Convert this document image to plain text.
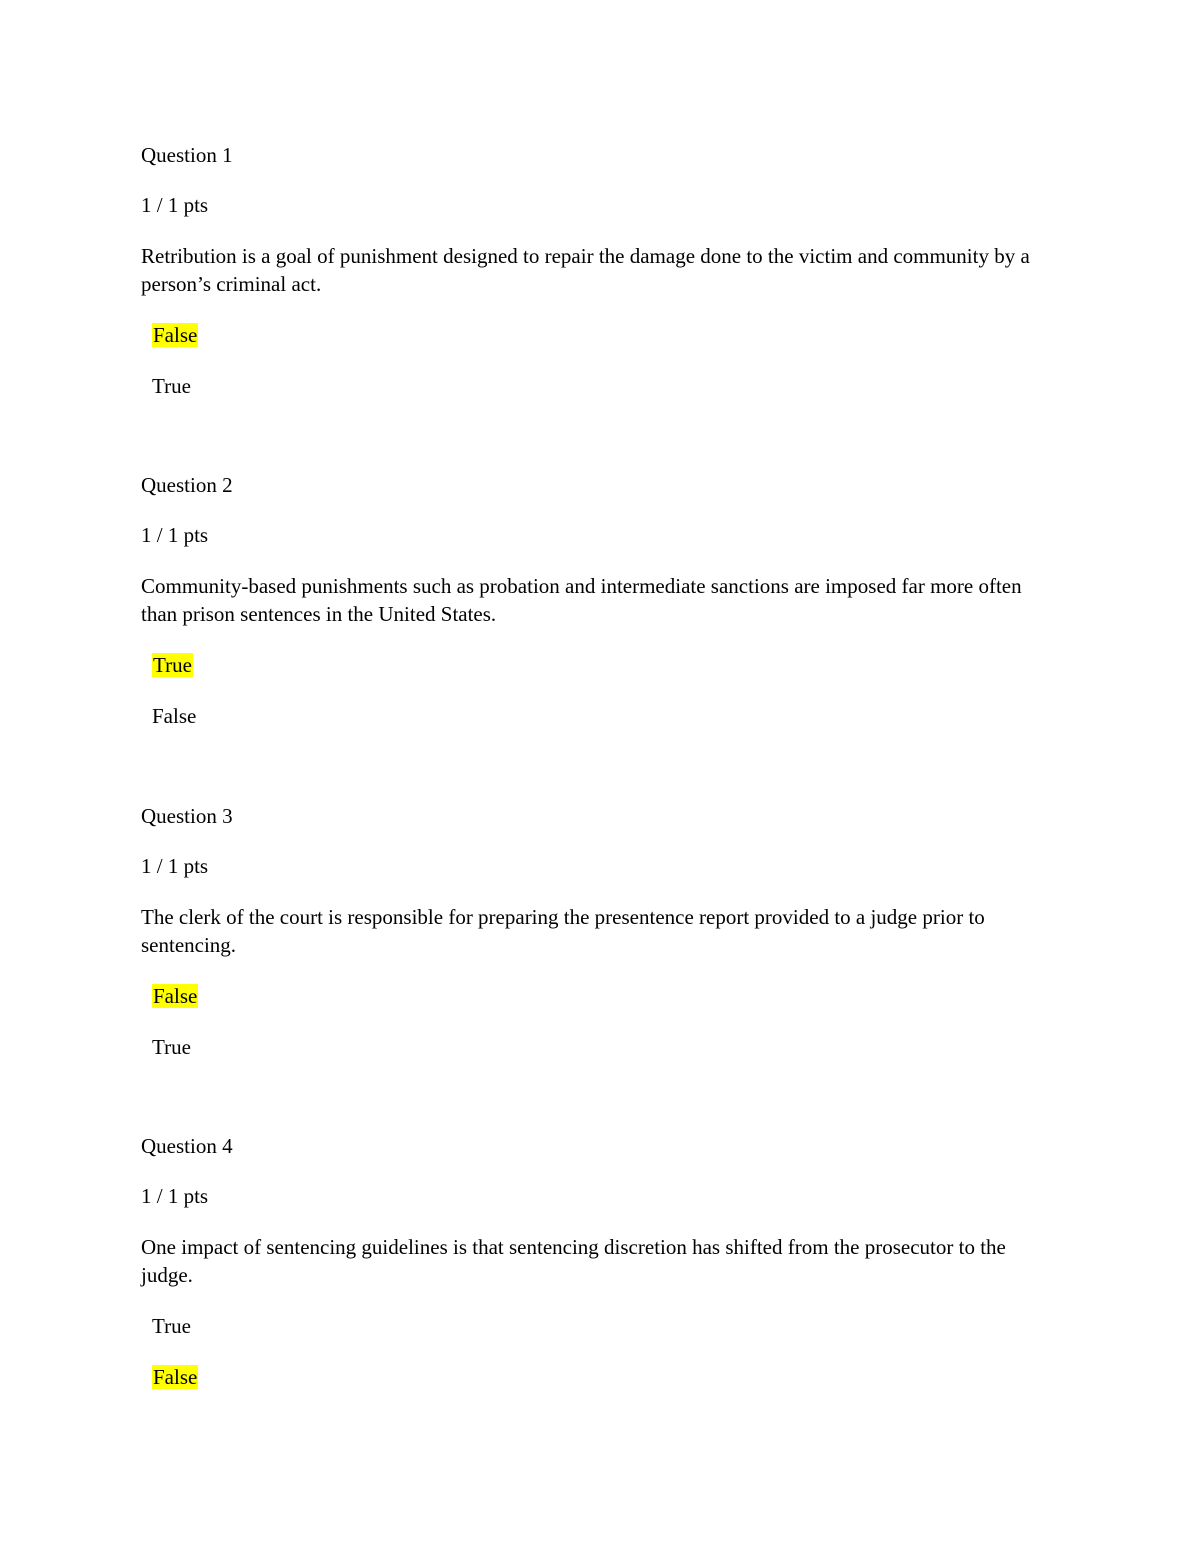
Question 1
1 / 1 pts
Retribution is a goal of punishment designed to repair the damage done to the victim and community by a person’s criminal act.
False
True
Question 2
1 / 1 pts
Community-based punishments such as probation and intermediate sanctions are imposed far more often than prison sentences in the United States.
True
False
Question 3
1 / 1 pts
The clerk of the court is responsible for preparing the presentence report provided to a judge prior to sentencing.
False
True
Question 4
1 / 1 pts
One impact of sentencing guidelines is that sentencing discretion has shifted from the prosecutor to the judge.
True
False
